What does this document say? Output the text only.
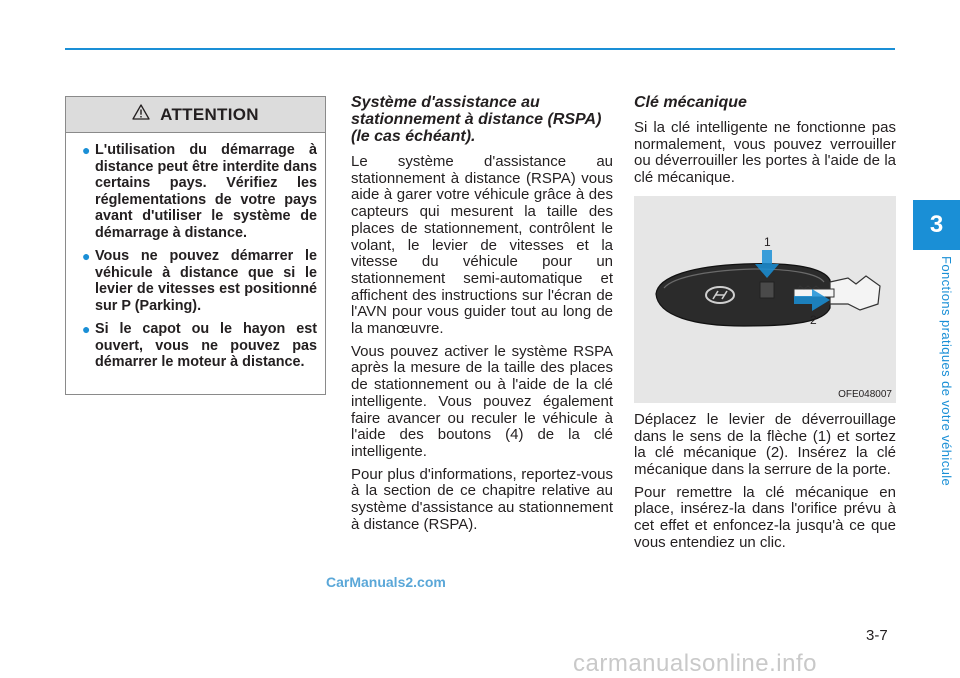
3
Fonctions pratiques de votre véhicule
ATTENTION
● L'utilisation du démarrage à distance peut être interdite dans certains pays. Vérifiez les réglementations de votre pays avant d'utiliser le système de démarrage à distance.
● Vous ne pouvez démarrer le véhicule à distance que si le levier de vitesses est positionné sur P (Parking).
● Si le capot ou le hayon est ouvert, vous ne pouvez pas démarrer le moteur à distance.
Système d'assistance au stationnement à distance (RSPA) (le cas échéant).

Le système d'assistance au stationnement à distance (RSPA) vous aide à garer votre véhicule grâce à des capteurs qui mesurent la taille des places de stationnement, contrôlent le volant, le levier de vitesses et la vitesse du véhicule pour un stationnement semi-automatique et affichent des instructions sur l'écran de l'AVN pour vous guider tout au long de la manœuvre.

Vous pouvez activer le système RSPA après la mesure de la taille des places de stationnement ou à l'aide de la clé intelligente. Vous pouvez également faire avancer ou reculer le véhicule à l'aide des boutons (4) de la clé intelligente.

Pour plus d'informations, reportez-vous à la section de ce chapitre relative au système d'assistance au stationnement à distance (RSPA).

Clé mécanique

Si la clé intelligente ne fonctionne pas normalement, vous pouvez verrouiller ou déverrouiller les portes à l'aide de la clé mécanique.

1
2
OFE048007

Déplacez le levier de déverrouillage dans le sens de la flèche (1) et sortez la clé mécanique (2). Insérez la clé mécanique dans la serrure de la porte.

Pour remettre la clé mécanique en place, insérez-la dans l'orifice prévu à cet effet et enfoncez-la jusqu'à ce que vous entendiez un clic.

CarManuals2.com
3-7
carmanualsonline.info
